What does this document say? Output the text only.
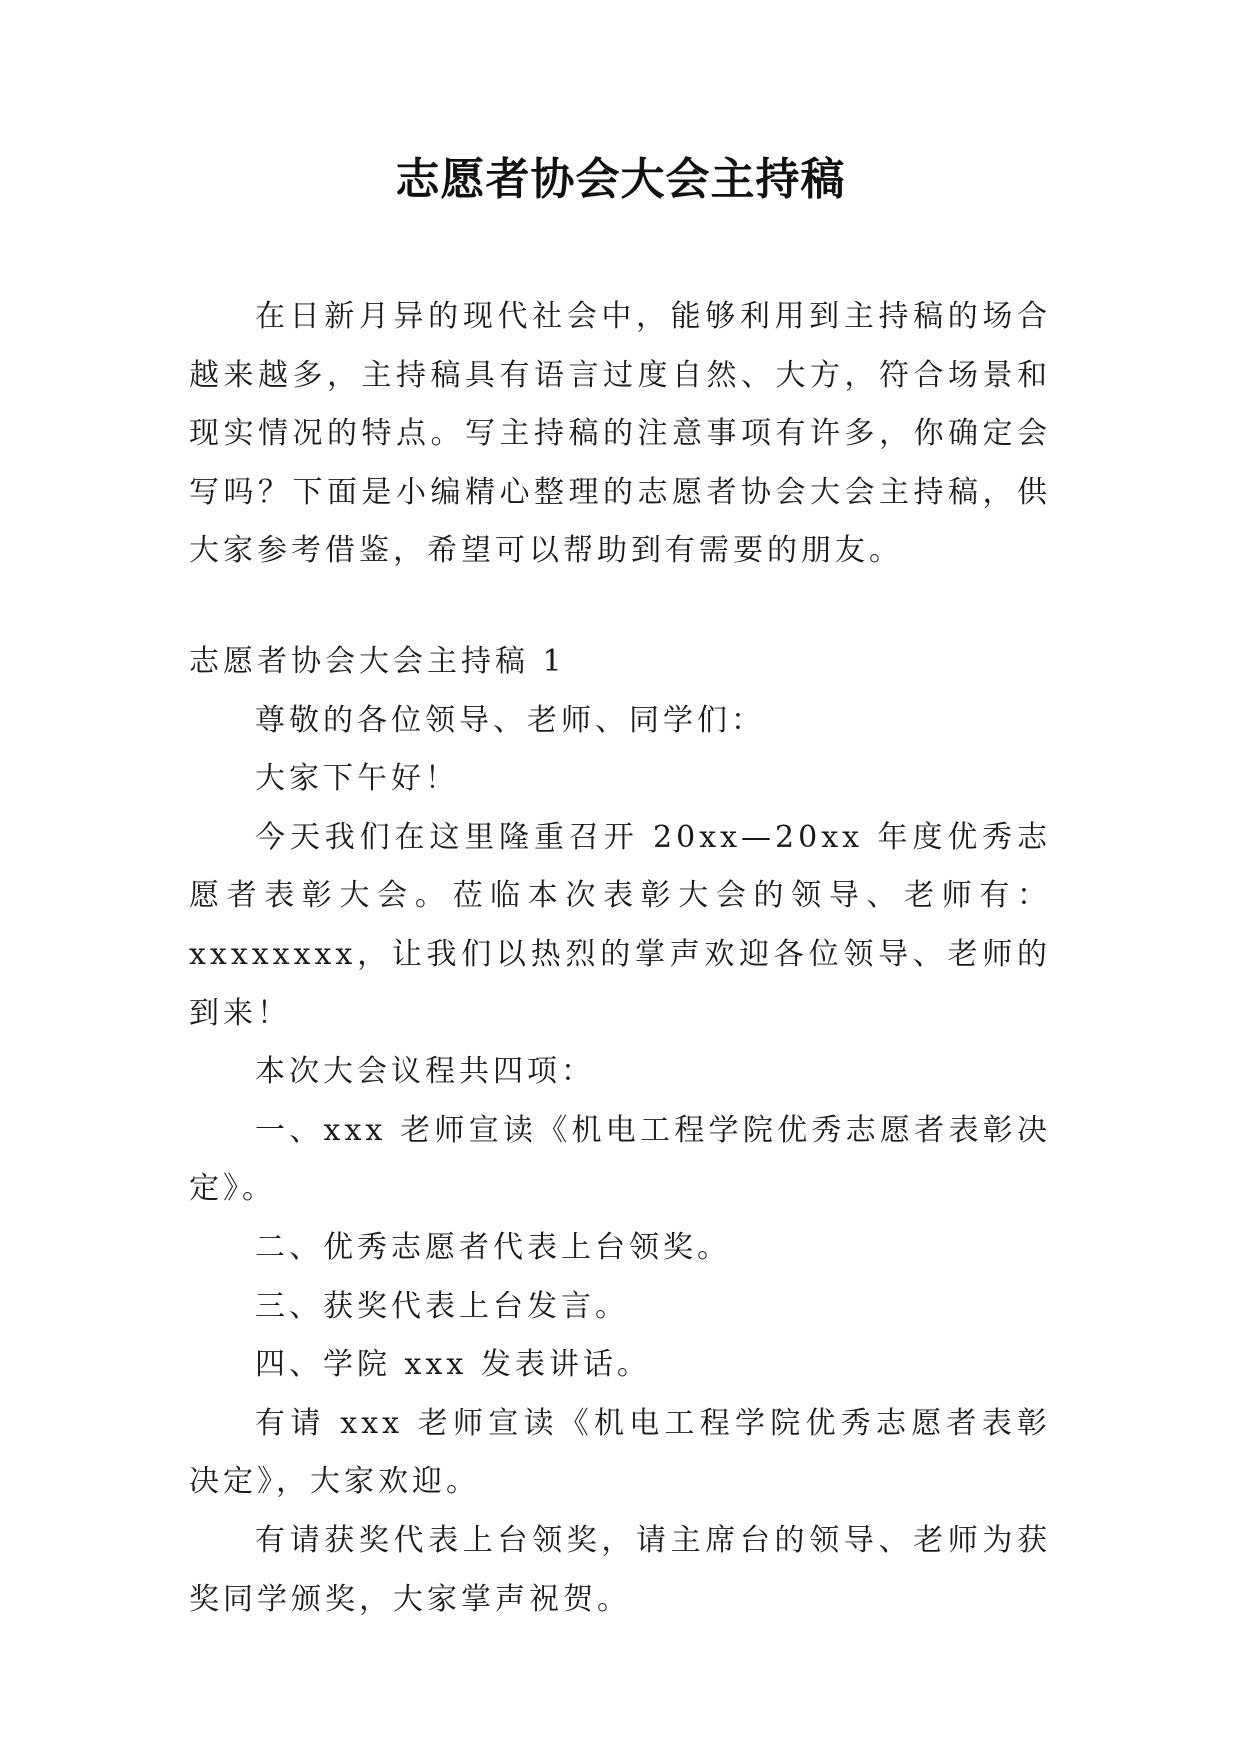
志愿者协会大会主持稿

在日新月异的现代社会中，能够利用到主持稿的场合越来越多，主持稿具有语言过度自然、大方，符合场景和现实情况的特点。写主持稿的注意事项有许多，你确定会写吗？下面是小编精心整理的志愿者协会大会主持稿，供大家参考借鉴，希望可以帮助到有需要的朋友。

志愿者协会大会主持稿 1

尊敬的各位领导、老师、同学们：

大家下午好！

今天我们在这里隆重召开 20xx—20xx 年度优秀志愿者表彰大会。莅临本次表彰大会的领导、老师有：xxxxxxxx，让我们以热烈的掌声欢迎各位领导、老师的到来！

本次大会议程共四项：

一、xxx 老师宣读《机电工程学院优秀志愿者表彰决定》。

二、优秀志愿者代表上台领奖。

三、获奖代表上台发言。

四、学院 xxx 发表讲话。

有请 xxx 老师宣读《机电工程学院优秀志愿者表彰决定》，大家欢迎。

有请获奖代表上台领奖，请主席台的领导、老师为获奖同学颁奖，大家掌声祝贺。
